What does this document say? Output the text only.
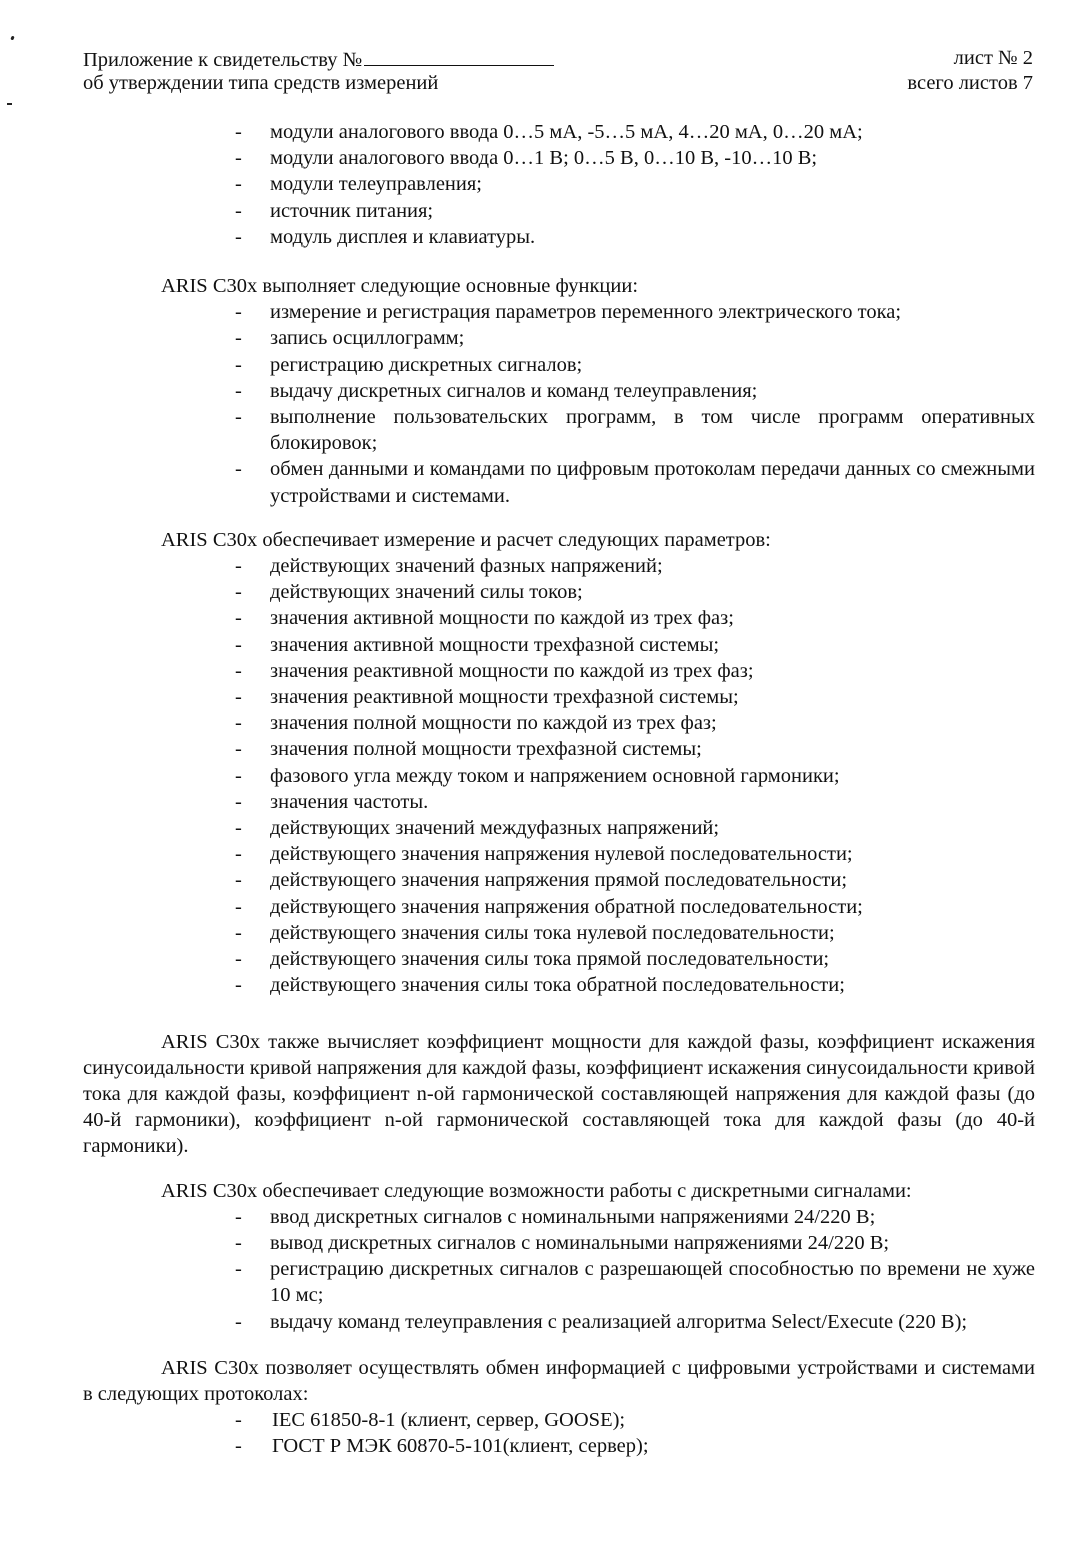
Приложение к свидетельству №	лист № 2
об утверждении типа средств измерений	всего листов 7
- модули аналогового ввода 0…5 мА, -5…5 мА, 4…20 мА, 0…20 мА;
- модули аналогового ввода 0…1 В; 0…5 В, 0…10 В, -10…10 В;
- модули телеуправления;
- источник питания;
- модуль дисплея и клавиатуры.
ARIS C30x выполняет следующие основные функции:
- измерение и регистрация параметров переменного электрического тока;
- запись осциллограмм;
- регистрацию дискретных сигналов;
- выдачу дискретных сигналов и команд телеуправления;
- выполнение пользовательских программ, в том числе программ оперативных блокировок;
- обмен данными и командами по цифровым протоколам передачи данных со смежными устройствами и системами.
ARIS C30x обеспечивает измерение и расчет следующих параметров:
- действующих значений фазных напряжений;
- действующих значений силы токов;
- значения активной мощности по каждой из трех фаз;
- значения активной мощности трехфазной системы;
- значения реактивной мощности по каждой из трех фаз;
- значения реактивной мощности трехфазной системы;
- значения полной мощности по каждой из трех фаз;
- значения полной мощности трехфазной системы;
- фазового угла между током и напряжением основной гармоники;
- значения частоты.
- действующих значений междуфазных напряжений;
- действующего значения напряжения нулевой последовательности;
- действующего значения напряжения прямой последовательности;
- действующего значения напряжения обратной последовательности;
- действующего значения силы тока нулевой последовательности;
- действующего значения силы тока прямой последовательности;
- действующего значения силы тока обратной последовательности;
ARIS C30x также вычисляет коэффициент мощности для каждой фазы, коэффициент искажения синусоидальности кривой напряжения для каждой фазы, коэффициент искажения синусоидальности кривой тока для каждой фазы, коэффициент n-ой гармонической составляющей напряжения для каждой фазы (до 40-й гармоники), коэффициент n-ой гармонической составляющей тока для каждой фазы (до 40-й гармоники).
ARIS C30x обеспечивает следующие возможности работы с дискретными сигналами:
- ввод дискретных сигналов с номинальными напряжениями 24/220 В;
- вывод дискретных сигналов с номинальными напряжениями 24/220 В;
- регистрацию дискретных сигналов с разрешающей способностью по времени не хуже 10 мс;
- выдачу команд телеуправления с реализацией алгоритма Select/Execute (220 В);
ARIS C30x позволяет осуществлять обмен информацией с цифровыми устройствами и системами в следующих протоколах:
- IEC 61850-8-1 (клиент, сервер, GOOSE);
- ГОСТ Р МЭК 60870-5-101(клиент, сервер);
